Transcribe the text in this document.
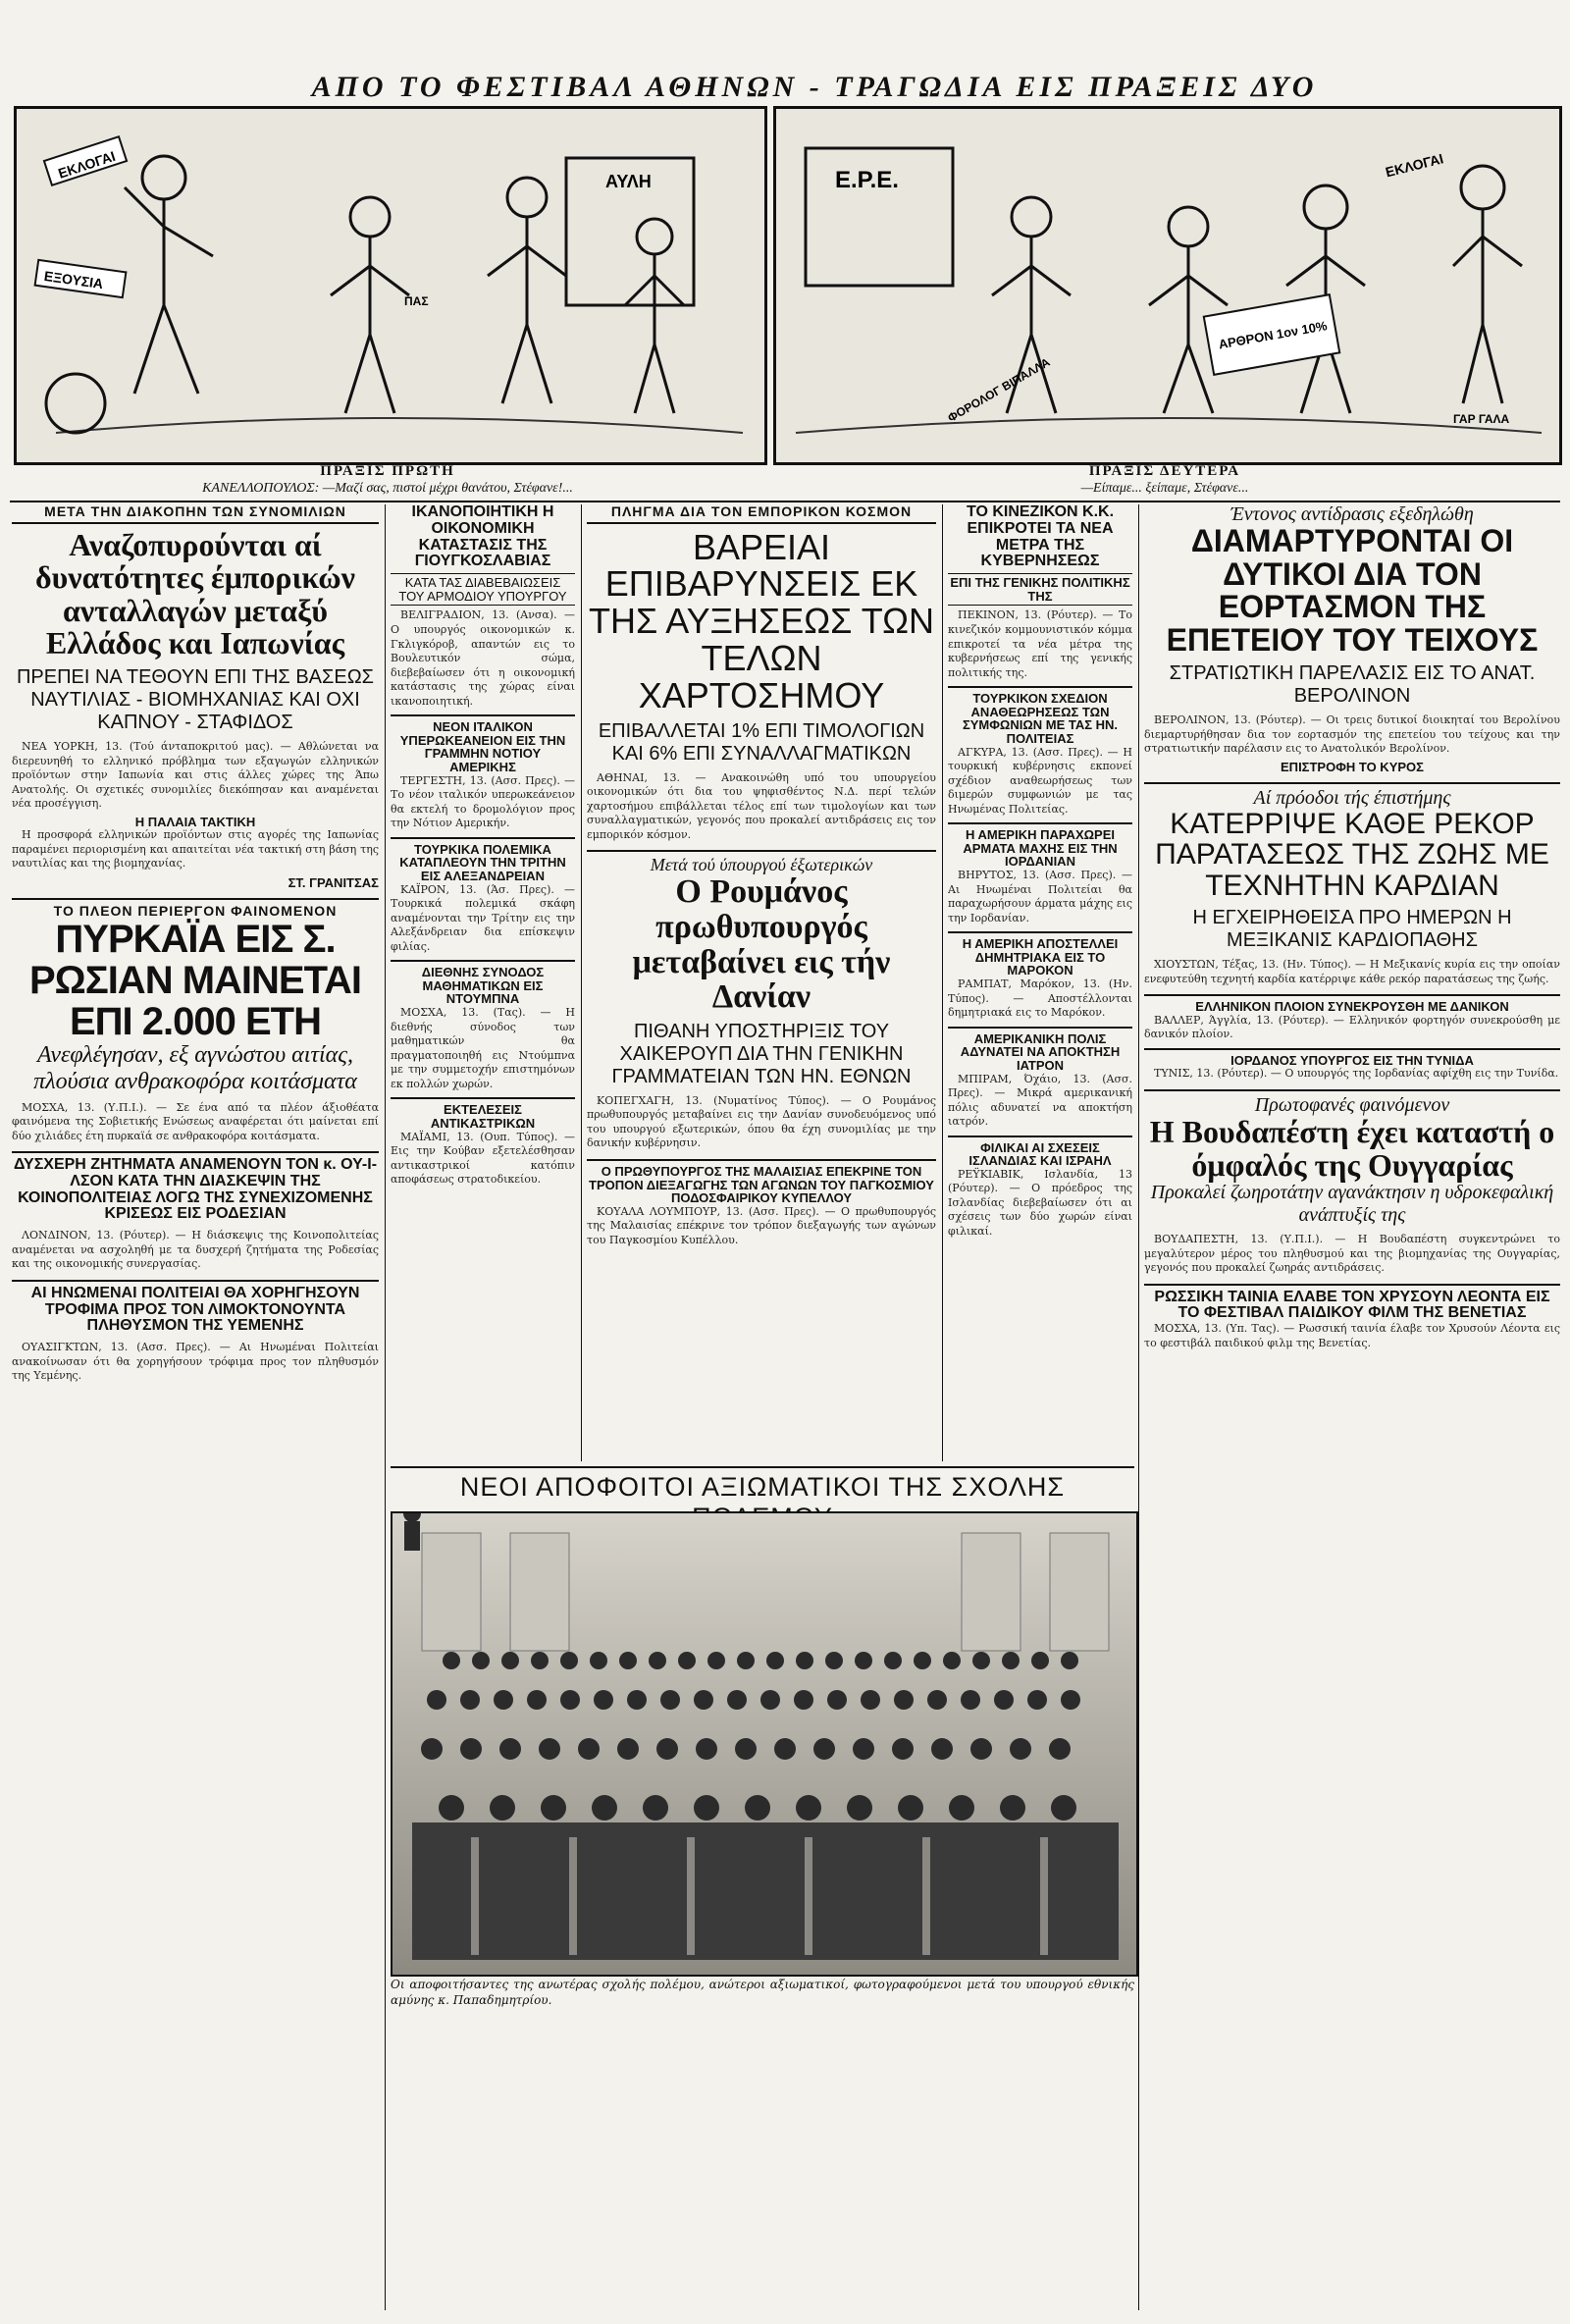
ΑΠΟ ΤΟ ΦΕΣΤΙΒΑΛ ΑΘΗΝΩΝ - ΤΡΑΓΩΔΙΑ ΕΙΣ ΠΡΑΞΕΙΣ ΔΥΟ
ΕΚΛΟΓΑΙ
ΕΞΟΥΣΙΑ
ΑΥΛΗ
ΠΑΣ
Ε.Ρ.Ε.
ΕΚΛΟΓΑΙ
ΑΡΘΡΟΝ 1ον 10%
ΦΟΡΟΛΟΓ ΒΙΠΑΛΛΑ	ΓΑΡ ΓΑΛΑ
ΠΡΑΞΙΣ ΠΡΩΤΗ
ΚΑΝΕΛΛΟΠΟΥΛΟΣ: —Μαζί σας, πιστοί μέχρι θανάτου, Στέφανε!...
ΠΡΑΞΙΣ ΔΕΥΤΕΡΑ
—Είπαμε... ξείπαμε, Στέφανε...
ΜΕΤΑ ΤΗΝ ΔΙΑΚΟΠΗΝ ΤΩΝ ΣΥΝΟΜΙΛΙΩΝ
Αναζοπυρούνται αί δυνατότητες έμπορικών ανταλλαγών μεταξύ Ελλάδος και Ιαπωνίας
ΠΡΕΠΕΙ ΝΑ ΤΕΘΟΥΝ ΕΠΙ ΤΗΣ ΒΑΣΕΩΣ ΝΑΥΤΙΛΙΑΣ - ΒΙΟΜΗΧΑΝΙΑΣ ΚΑΙ ΟΧΙ ΚΑΠΝΟΥ - ΣΤΑΦΙΔΟΣ

ΝΕΑ ΥΟΡΚΗ, 13. (Τού άνταποκριτού μας). — Αθλώνεται να διερευνηθή το ελληνικό πρόβλημα των εξαγωγών ελληνικών προϊόντων στην Ιαπωνία και στις άλλες χώρες της Άπω Ανατολής. Οι σχετικές συνομιλίες διεκόπησαν και αναμένεται νέα προσέγγιση.

Η ΠΑΛΑΙΑ ΤΑΚΤΙΚΗ

Η προσφορά ελληνικών προϊόντων στις αγορές της Ιαπωνίας παραμένει περιορισμένη και απαιτείται νέα τακτική στη βάση της ναυτιλίας και της βιομηχανίας.

ΣΤ. ΓΡΑΝΙΤΣΑΣ
ΤΟ ΠΛΕΟΝ ΠΕΡΙΕΡΓΟΝ ΦΑΙΝΟΜΕΝΟΝ
ΠΥΡΚΑΪΑ ΕΙΣ Σ. ΡΩΣΙΑΝ ΜΑΙΝΕΤΑΙ ΕΠΙ 2.000 ΕΤΗ
Ανεφλέγησαν, εξ αγνώστου αιτίας, πλούσια ανθρακοφόρα κοιτάσματα

ΜΟΣΧΑ, 13. (Υ.Π.Ι.). — Σε ένα από τα πλέον άξιοθέατα φαινόμενα της Σοβιετικής Ενώσεως αναφέρεται ότι μαίνεται επί δύο χιλιάδες έτη πυρκαϊά σε ανθρακοφόρα κοιτάσματα.

ΔΥΣΧΕΡΗ ΖΗΤΗΜΑΤΑ ΑΝΑΜΕΝΟΥΝ ΤΟΝ κ. ΟΥ-Ι-ΛΣΟΝ ΚΑΤΑ ΤΗΝ ΔΙΑΣΚΕΨΙΝ ΤΗΣ ΚΟΙΝΟΠΟΛΙΤΕΙΑΣ ΛΟΓΩ ΤΗΣ ΣΥΝΕΧΙΖΟΜΕΝΗΣ ΚΡΙΣΕΩΣ ΕΙΣ ΡΟΔΕΣΙΑΝ

ΛΟΝΔΙΝΟΝ, 13. (Ρόυτερ). — Η διάσκεψις της Κοινοπολιτείας αναμένεται να ασχοληθή με τα δυσχερή ζητήματα της Ροδεσίας και της οικονομικής συνεργασίας.

ΑΙ ΗΝΩΜΕΝΑΙ ΠΟΛΙΤΕΙΑΙ ΘΑ ΧΟΡΗΓΗΣΟΥΝ ΤΡΟΦΙΜΑ ΠΡΟΣ ΤΟΝ ΛΙΜΟΚΤΟΝΟΥΝΤΑ ΠΛΗΘΥΣΜΟΝ ΤΗΣ ΥΕΜΕΝΗΣ

ΟΥΑΣΙΓΚΤΩΝ, 13. (Ασσ. Πρες). — Αι Ηνωμέναι Πολιτείαι ανακοίνωσαν ότι θα χορηγήσουν τρόφιμα προς τον πληθυσμόν της Υεμένης.

ΙΚΑΝΟΠΟΙΗΤΙΚΗ Η ΟΙΚΟΝΟΜΙΚΗ ΚΑΤΑΣΤΑΣΙΣ ΤΗΣ ΓΙΟΥΓΚΟΣΛΑΒΙΑΣ
ΚΑΤΑ ΤΑΣ ΔΙΑΒΕΒΑΙΩΣΕΙΣ ΤΟΥ ΑΡΜΟΔΙΟΥ ΥΠΟΥΡΓΟΥ

ΒΕΛΙΓΡΑΔΙΟΝ, 13. (Ανσα). — Ο υπουργός οικονομικών κ. Γκλιγκόροβ, απαντών εις το Βουλευτικόν σώμα, διεβεβαίωσεν ότι η οικονομική κατάστασις της χώρας είναι ικανοποιητική.

ΝΕΟΝ ΙΤΑΛΙΚΟΝ ΥΠΕΡΩΚΕΑΝΕΙΟΝ ΕΙΣ ΤΗΝ ΓΡΑΜΜΗΝ ΝΟΤΙΟΥ ΑΜΕΡΙΚΗΣ

ΤΕΡΓΕΣΤΗ, 13. (Ασσ. Πρες). — Το νέον ιταλικόν υπερωκεάνειον θα εκτελή το δρομολόγιον προς την Νότιον Αμερικήν.

ΤΟΥΡΚΙΚΑ ΠΟΛΕΜΙΚΑ ΚΑΤΑΠΛΕΟΥΝ ΤΗΝ ΤΡΙΤΗΝ ΕΙΣ ΑΛΕΞΑΝΔΡΕΙΑΝ

ΚΑΪΡΟΝ, 13. (Άσ. Πρες). — Τουρκικά πολεμικά σκάφη αναμένονται την Τρίτην εις την Αλεξάνδρειαν δια επίσκεψιν φιλίας.

ΔΙΕΘΝΗΣ ΣΥΝΟΔΟΣ ΜΑΘΗΜΑΤΙΚΩΝ ΕΙΣ ΝΤΟΥΜΠΝΑ

ΜΟΣΧΑ, 13. (Τας). — Η διεθνής σύνοδος των μαθηματικών θα πραγματοποιηθή εις Ντούμπνα με την συμμετοχήν επιστημόνων εκ πολλών χωρών.

ΕΚΤΕΛΕΣΕΙΣ ΑΝΤΙΚΑΣΤΡΙΚΩΝ

ΜΑΪΑΜΙ, 13. (Ουπ. Τύπος). — Εις την Κούβαν εξετελέσθησαν αντικαστρικοί κατόπιν αποφάσεως στρατοδικείου.

ΠΛΗΓΜΑ ΔΙΑ ΤΟΝ ΕΜΠΟΡΙΚΟΝ ΚΟΣΜΟΝ
ΒΑΡΕΙΑΙ ΕΠΙΒΑΡΥΝΣΕΙΣ ΕΚ ΤΗΣ ΑΥΞΗΣΕΩΣ ΤΩΝ ΤΕΛΩΝ ΧΑΡΤΟΣΗΜΟΥ
ΕΠΙΒΑΛΛΕΤΑΙ 1% ΕΠΙ ΤΙΜΟΛΟΓΙΩΝ ΚΑΙ 6% ΕΠΙ ΣΥΝΑΛΛΑΓΜΑΤΙΚΩΝ

ΑΘΗΝΑΙ, 13. — Ανακοινώθη υπό του υπουργείου οικονομικών ότι δια του ψηφισθέντος Ν.Δ. περί τελών χαρτοσήμου επιβάλλεται τέλος επί των τιμολογίων και των συναλλαγματικών, γεγονός που προκαλεί αντιδράσεις εις τον εμπορικόν κόσμον.

Μετά τού ύπουργού έξωτερικών
Ο Ρουμάνος πρωθυπουργός μεταβαίνει εις τήν Δανίαν
ΠΙΘΑΝΗ ΥΠΟΣΤΗΡΙΞΙΣ ΤΟΥ ΧΑΙΚΕΡΟΥΠ ΔΙΑ ΤΗΝ ΓΕΝΙΚΗΝ ΓΡΑΜΜΑΤΕΙΑΝ ΤΩΝ ΗΝ. ΕΘΝΩΝ

ΚΟΠΕΓΧΑΓΗ, 13. (Νυματίνος Τύπος). — Ο Ρουμάνος πρωθυπουργός μεταβαίνει εις την Δανίαν συνοδευόμενος υπό του υπουργού εξωτερικών, όπου θα έχη συνομιλίας με την δανικήν κυβέρνησιν.

Ο ΠΡΩΘΥΠΟΥΡΓΟΣ ΤΗΣ ΜΑΛΑΙΣΙΑΣ ΕΠΕΚΡΙΝΕ ΤΟΝ ΤΡΟΠΟΝ ΔΙΕΞΑΓΩΓΗΣ ΤΩΝ ΑΓΩΝΩΝ ΤΟΥ ΠΑΓΚΟΣΜΙΟΥ ΠΟΔΟΣΦΑΙΡΙΚΟΥ ΚΥΠΕΛΛΟΥ

ΚΟΥΑΛΑ ΛΟΥΜΠΟΥΡ, 13. (Ασσ. Πρες). — Ο πρωθυπουργός της Μαλαισίας επέκρινε τον τρόπον διεξαγωγής των αγώνων του Παγκοσμίου Κυπέλλου.

ΤΟ ΚΙΝΕΖΙΚΟΝ Κ.Κ. ΕΠΙΚΡΟΤΕΙ ΤΑ ΝΕΑ ΜΕΤΡΑ ΤΗΣ ΚΥΒΕΡΝΗΣΕΩΣ
ΕΠΙ ΤΗΣ ΓΕΝΙΚΗΣ ΠΟΛΙΤΙΚΗΣ ΤΗΣ

ΠΕΚΙΝΟΝ, 13. (Ρόυτερ). — Το κινεζικόν κομμουνιστικόν κόμμα επικροτεί τα νέα μέτρα της κυβερνήσεως επί της γενικής πολιτικής της.

ΤΟΥΡΚΙΚΟΝ ΣΧΕΔΙΟΝ ΑΝΑΘΕΩΡΗΣΕΩΣ ΤΩΝ ΣΥΜΦΩΝΙΩΝ ΜΕ ΤΑΣ ΗΝ. ΠΟΛΙΤΕΙΑΣ

ΑΓΚΥΡΑ, 13. (Ασσ. Πρες). — Η τουρκική κυβέρνησις εκπονεί σχέδιον αναθεωρήσεως των διμερών συμφωνιών με τας Ηνωμένας Πολιτείας.

Η ΑΜΕΡΙΚΗ ΠΑΡΑΧΩΡΕΙ ΑΡΜΑΤΑ ΜΑΧΗΣ ΕΙΣ ΤΗΝ ΙΟΡΔΑΝΙΑΝ

ΒΗΡΥΤΟΣ, 13. (Ασσ. Πρες). — Αι Ηνωμέναι Πολιτείαι θα παραχωρήσουν άρματα μάχης εις την Ιορδανίαν.

Η ΑΜΕΡΙΚΗ ΑΠΟΣΤΕΛΛΕΙ ΔΗΜΗΤΡΙΑΚΑ ΕΙΣ ΤΟ ΜΑΡΟΚΟΝ

ΡΑΜΠΑΤ, Μαρόκον, 13. (Ην. Τύπος). — Αποστέλλονται δημητριακά εις το Μαρόκον.

ΑΜΕΡΙΚΑΝΙΚΗ ΠΟΛΙΣ ΑΔΥΝΑΤΕΙ ΝΑ ΑΠΟΚΤΗΣΗ ΙΑΤΡΟΝ

ΜΠΙΡΑΜ, Όχάιο, 13. (Ασσ. Πρες). — Μικρά αμερικανική πόλις αδυνατεί να αποκτήση ιατρόν.

ΦΙΛΙΚΑΙ ΑΙ ΣΧΕΣΕΙΣ ΙΣΛΑΝΔΙΑΣ ΚΑΙ ΙΣΡΑΗΛ

ΡΕΫΚΙΑΒΙΚ, Ισλανδία, 13 (Ρόυτερ). — Ο πρόεδρος της Ισλανδίας διεβεβαίωσεν ότι αι σχέσεις των δύο χωρών είναι φιλικαί.

Έντονος αντίδρασις εξεδηλώθη
ΔΙΑΜΑΡΤΥΡΟΝΤΑΙ ΟΙ ΔΥΤΙΚΟΙ ΔΙΑ ΤΟΝ ΕΟΡΤΑΣΜΟΝ ΤΗΣ ΕΠΕΤΕΙΟΥ ΤΟΥ ΤΕΙΧΟΥΣ
ΣΤΡΑΤΙΩΤΙΚΗ ΠΑΡΕΛΑΣΙΣ ΕΙΣ ΤΟ ΑΝΑΤ. ΒΕΡΟΛΙΝΟΝ

ΒΕΡΟΛΙΝΟΝ, 13. (Ρόυτερ). — Οι τρεις δυτικοί διοικηταί του Βερολίνου διεμαρτυρήθησαν δια τον εορτασμόν της επετείου του τείχους και την στρατιωτικήν παρέλασιν εις το Ανατολικόν Βερολίνον.

ΕΠΙΣΤΡΟΦΗ ΤΟ ΚΥΡΟΣ
Αί πρόοδοι τής έπιστήμης
ΚΑΤΕΡΡΙΨΕ ΚΑΘΕ ΡΕΚΟΡ ΠΑΡΑΤΑΣΕΩΣ ΤΗΣ ΖΩΗΣ ΜΕ ΤΕΧΝΗΤΗΝ ΚΑΡΔΙΑΝ
Η ΕΓΧΕΙΡΗΘΕΙΣΑ ΠΡΟ ΗΜΕΡΩΝ Η ΜΕΞΙΚΑΝΙΣ ΚΑΡΔΙΟΠΑΘΗΣ

ΧΙΟΥΣΤΩΝ, Τέξας, 13. (Ην. Τύπος). — Η Μεξικανίς κυρία εις την οποίαν ενεφυτεύθη τεχνητή καρδία κατέρριψε κάθε ρεκόρ παρατάσεως της ζωής.

ΕΛΛΗΝΙΚΟΝ ΠΛΟΙΟΝ ΣΥΝΕΚΡΟΥΣΘΗ ΜΕ ΔΑΝΙΚΟΝ

ΒΑΛΛΕΡ, Άγγλία, 13. (Ρόυτερ). — Ελληνικόν φορτηγόν συνεκρούσθη με δανικόν πλοίον.

ΙΟΡΔΑΝΟΣ ΥΠΟΥΡΓΟΣ ΕΙΣ ΤΗΝ ΤΥΝΙΔΑ

ΤΥΝΙΣ, 13. (Ρόυτερ). — Ο υπουργός της Ιορδανίας αφίχθη εις την Τυνίδα.

Πρωτοφανές φαινόμενον
Η Βουδαπέστη έχει καταστή ο όμφαλός της Ουγγαρίας
Προκαλεί ζωηροτάτην αγανάκτησιν η υδροκεφαλική ανάπτυξίς της

ΒΟΥΔΑΠΕΣΤΗ, 13. (Υ.Π.Ι.). — Η Βουδαπέστη συγκεντρώνει το μεγαλύτερον μέρος του πληθυσμού και της βιομηχανίας της Ουγγαρίας, γεγονός που προκαλεί ζωηράς αντιδράσεις.

ΡΩΣΣΙΚΗ ΤΑΙΝΙΑ ΕΛΑΒΕ ΤΟΝ ΧΡΥΣΟΥΝ ΛΕΟΝΤΑ ΕΙΣ ΤΟ ΦΕΣΤΙΒΑΛ ΠΑΙΔΙΚΟΥ ΦΙΛΜ ΤΗΣ ΒΕΝΕΤΙΑΣ

ΜΟΣΧΑ, 13. (Υπ. Τας). — Ρωσσική ταινία έλαβε τον Χρυσούν Λέοντα εις το φεστιβάλ παιδικού φιλμ της Βενετίας.

ΝΕΟΙ ΑΠΟΦΟΙΤΟΙ ΑΞΙΩΜΑΤΙΚΟΙ ΤΗΣ ΣΧΟΛΗΣ
Οι αποφοιτήσαντες της ανωτέρας σχολής πολέμου, ανώτεροι αξιωματικοί, φωτογραφούμενοι μετά του υπουργού εθνικής αμύνης κ. Παπαδημητρίου.
